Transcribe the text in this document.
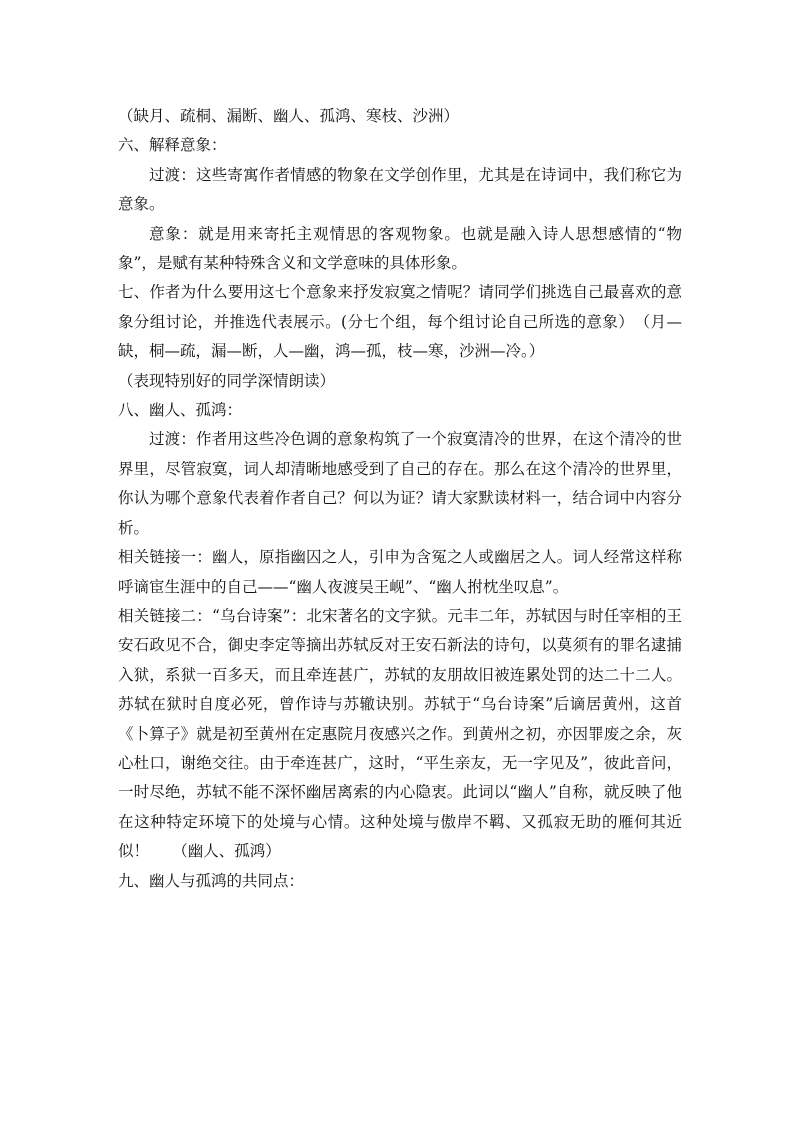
（缺月、疏桐、漏断、幽人、孤鸿、寒枝、沙洲）

六、解释意象：

过渡：这些寄寓作者情感的物象在文学创作里，尤其是在诗词中，我们称它为意象。

意象：就是用来寄托主观情思的客观物象。也就是融入诗人思想感情的“物象”，是赋有某种特殊含义和文学意味的具体形象。

七、作者为什么要用这七个意象来抒发寂寞之情呢？请同学们挑选自己最喜欢的意象分组讨论，并推选代表展示。(分七个组，每个组讨论自己所选的意象）　（月—缺，桐—疏，漏—断，人—幽，鸿—孤，枝—寒，沙洲—冷。）

（表现特别好的同学深情朗读）

八、幽人、孤鸿：

过渡：作者用这些冷色调的意象构筑了一个寂寞清冷的世界，在这个清冷的世界里，尽管寂寞，词人却清晰地感受到了自己的存在。那么在这个清冷的世界里，你认为哪个意象代表着作者自己？何以为证？请大家默读材料一，结合词中内容分析。

相关链接一：幽人，原指幽囚之人，引申为含冤之人或幽居之人。词人经常这样称呼谪宦生涯中的自己——“幽人夜渡吴王岘”、“幽人拊枕坐叹息”。

相关链接二：“乌台诗案”：北宋著名的文字狱。元丰二年，苏轼因与时任宰相的王安石政见不合，御史李定等摘出苏轼反对王安石新法的诗句，以莫须有的罪名逮捕入狱，系狱一百多天，而且牵连甚广，苏轼的友朋故旧被连累处罚的达二十二人。苏轼在狱时自度必死，曾作诗与苏辙诀别。苏轼于“乌台诗案”后谪居黄州，这首《卜算子》就是初至黄州在定惠院月夜感兴之作。到黄州之初，亦因罪废之余，灰心杜口，谢绝交往。由于牵连甚广，这时，“平生亲友，无一字见及”，彼此音问，一时尽绝，苏轼不能不深怀幽居离索的内心隐衷。此词以“幽人”自称，就反映了他在这种特定环境下的处境与心情。这种处境与傲岸不羁、又孤寂无助的雁何其近似！　　（幽人、孤鸿）

九、幽人与孤鸿的共同点：
